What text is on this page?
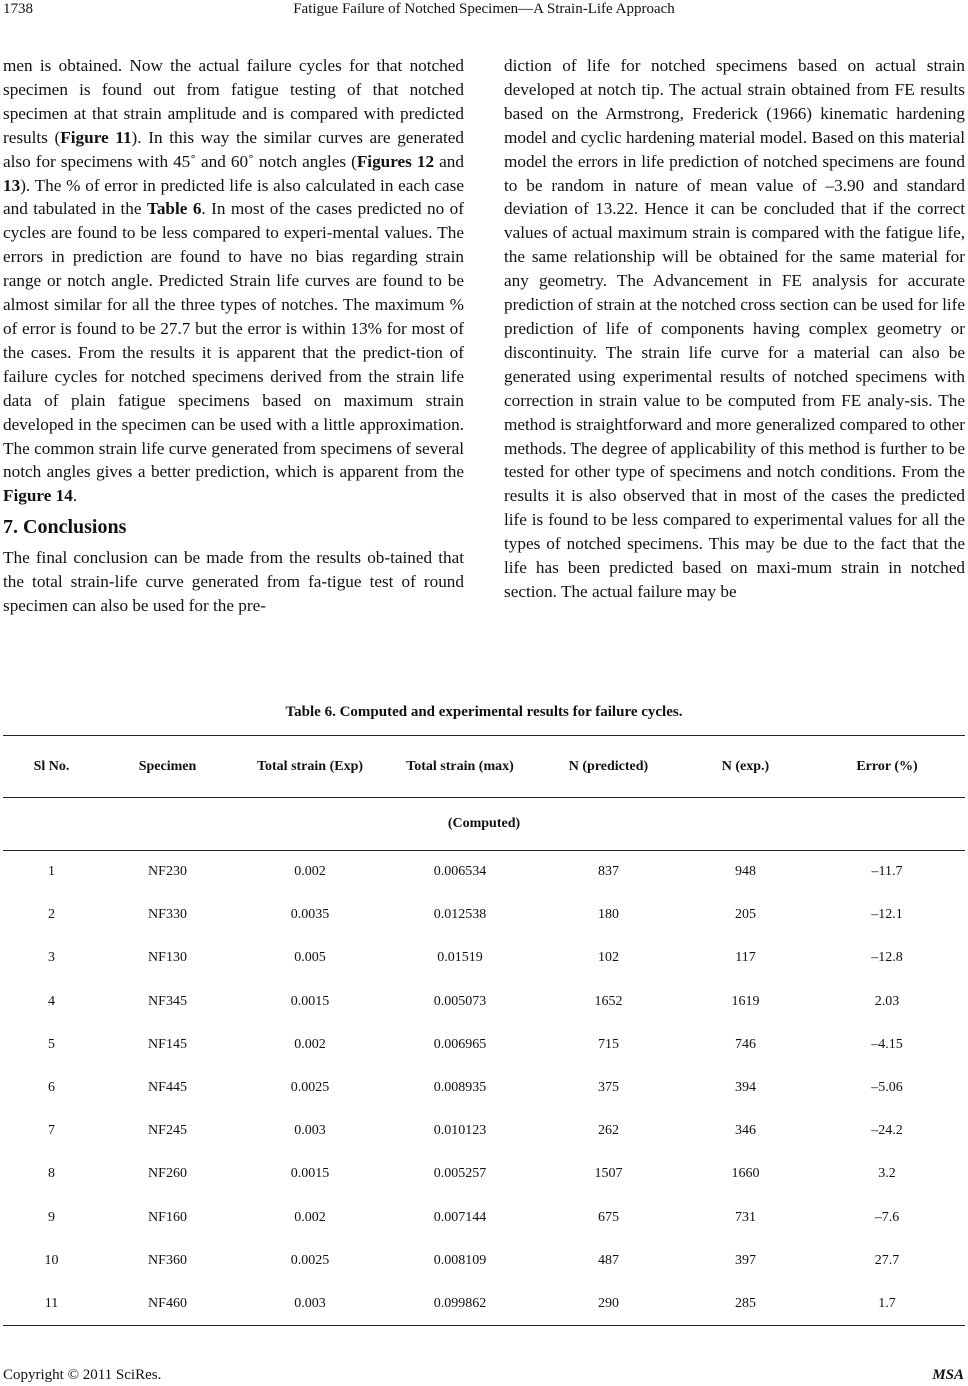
1738	Fatigue Failure of Notched Specimen—A Strain-Life Approach

men is obtained. Now the actual failure cycles for that notched specimen is found out from fatigue testing of that notched specimen at that strain amplitude and is compared with predicted results (Figure 11). In this way the similar curves are generated also for specimens with 45˚ and 60˚ notch angles (Figures 12 and 13). The % of error in predicted life is also calculated in each case and tabulated in the Table 6. In most of the cases predicted no of cycles are found to be less compared to experi-mental values. The errors in prediction are found to have no bias regarding strain range or notch angle. Predicted Strain life curves are found to be almost similar for all the three types of notches. The maximum % of error is found to be 27.7 but the error is within 13% for most of the cases. From the results it is apparent that the predict-tion of failure cycles for notched specimens derived from the strain life data of plain fatigue specimens based on maximum strain developed in the specimen can be used with a little approximation. The common strain life curve generated from specimens of several notch angles gives a better prediction, which is apparent from the Figure 14.

7. Conclusions

The final conclusion can be made from the results ob-tained that the total strain-life curve generated from fa-tigue test of round specimen can also be used for the pre-

diction of life for notched specimens based on actual strain developed at notch tip. The actual strain obtained from FE results based on the Armstrong, Frederick (1966) kinematic hardening model and cyclic hardening material model. Based on this material model the errors in life prediction of notched specimens are found to be random in nature of mean value of –3.90 and standard deviation of 13.22. Hence it can be concluded that if the correct values of actual maximum strain is compared with the fatigue life, the same relationship will be obtained for the same material for any geometry. The Advancement in FE analysis for accurate prediction of strain at the notched cross section can be used for life prediction of life of components having complex geometry or discontinuity. The strain life curve for a material can also be generated using experimental results of notched specimens with correction in strain value to be computed from FE analy-sis. The method is straightforward and more generalized compared to other methods. The degree of applicability of this method is further to be tested for other type of specimens and notch conditions. From the results it is also observed that in most of the cases the predicted life is found to be less compared to experimental values for all the types of notched specimens. This may be due to the fact that the life has been predicted based on maxi-mum strain in notched section. The actual failure may be

Table 6. Computed and experimental results for failure cycles.
Sl No.	Specimen	Total strain (Exp)	Total strain (max)	N (predicted)	N (exp.)	Error (%)
(Computed)						
1	NF230	0.002	0.006534	837	948	–11.7
2	NF330	0.0035	0.012538	180	205	–12.1
3	NF130	0.005	0.01519	102	117	–12.8
4	NF345	0.0015	0.005073	1652	1619	2.03
5	NF145	0.002	0.006965	715	746	–4.15
6	NF445	0.0025	0.008935	375	394	–5.06
7	NF245	0.003	0.010123	262	346	–24.2
8	NF260	0.0015	0.005257	1507	1660	3.2
9	NF160	0.002	0.007144	675	731	–7.6
10	NF360	0.0025	0.008109	487	397	27.7
11	NF460	0.003	0.099862	290	285	1.7
Copyright © 2011 SciRes.	MSA
